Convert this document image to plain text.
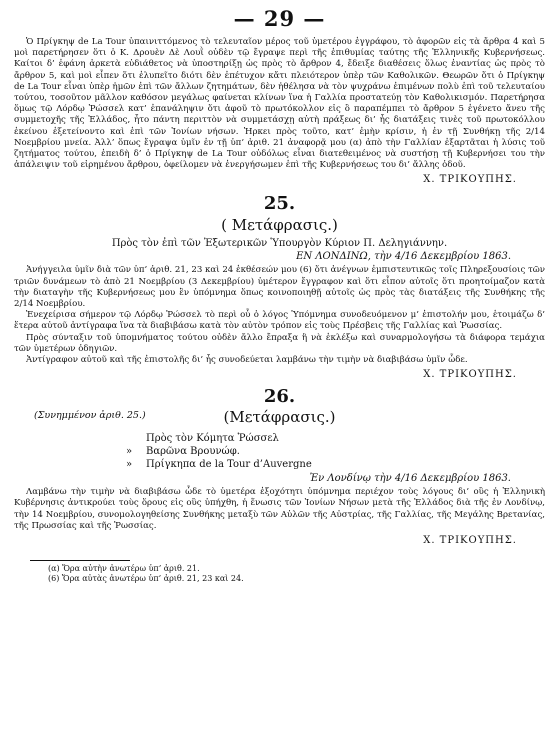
— 29 —

Ὁ Πρίγκηψ de La Tour ὑπαινιττόμενος τὸ τελευταῖον μέρος τοῦ ὑμετέρου ἐγγράφου, τὸ ἀφορῶν εἰς τὰ ἄρθρα 4 καὶ 5 μοὶ παρετήρησεν ὅτι ὁ Κ. Δρουὲν Δὲ Λουῒ οὐδὲν τῷ ἔγραψε περὶ τῆς ἐπιθυμίας ταύτης τῆς Ἑλληνικῆς Κυβερνήσεως. Καίτοι δ’ ἐφάνη ἀρκετὰ εὐδιάθετος νὰ ὑποστηρίξῃ ὡς πρὸς τὸ ἄρθρον 4, ἔδειξε διαθέσεις ὅλως ἐναντίας ὡς πρὸς τὸ ἄρθρον 5, καὶ μοὶ εἶπεν ὅτι ἐλυπεῖτο διότι δὲν ἐπέτυχον κἄτι πλειότερον ὑπὲρ τῶν Καθολικῶν. Θεωρῶν ὅτι ὁ Πρίγκηψ de La Tour εἶναι ὑπὲρ ἡμῶν ἐπὶ τῶν ἄλλων ζητημάτων, δὲν ἠθέλησα νὰ τὸν ψυχράνω ἐπιμένων πολὺ ἐπὶ τοῦ τελευταίου τούτου, τοσοῦτον μᾶλλον καθόσον μεγάλως φαίνεται κλίνων ἵνα ἡ Γαλλία προστατεύῃ τὸν Καθολικισμόν. Παρετήρησα ὅμως τῷ Λόρδῳ Ῥώσσελ κατ’ ἐπανάληψιν ὅτι ἀφοῦ τὸ πρωτόκολλον εἰς ὃ παραπέμπει τὸ ἄρθρον 5 ἐγένετο ἄνευ τῆς συμμετοχῆς τῆς Ἑλλάδος, ἦτο πάντη περιττὸν νὰ συμμετάσχῃ αὐτὴ πράξεως δι’ ἧς διατάξεις τινὲς τοῦ πρωτοκόλλου ἐκείνου ἐξετείνοντο καὶ ἐπὶ τῶν Ἰονίων νήσων. Ἠρκει πρὸς τοῦτο, κατ’ ἐμὴν κρίσιν, ἡ ἐν τῇ Συνθήκῃ τῆς 2/14 Νοεμβρίου μνεία. Ἀλλ’ ὅπως ἔγραψα ὑμῖν ἐν τῇ ὑπ’ ἀριθ. 21 ἀναφορᾷ μου (α) ἀπὸ τὴν Γαλλίαν ἐξαρτᾶται ἡ λύσις τοῦ ζητήματος τούτου, ἐπειδὴ δ’ ὁ Πρίγκηψ de La Tour οὐδόλως εἶναι διατεθειμένος νὰ συστήσῃ τῇ Κυβερνήσει του τὴν ἀπάλειψιν τοῦ εἰρημένου ἄρθρου, ὀφείλομεν νὰ ἐνεργήσωμεν ἐπὶ τῆς Κυβερνήσεως του δι’ ἄλλης ὁδοῦ.

Χ. ΤΡΙΚΟΥΠΗΣ.
25.
( Μετάφρασις.)
Πρὸς τὸν ἐπὶ τῶν Ἐξωτερικῶν Ὑπουργὸν Κύριον Π. Δεληγιάννην.
ΕΝ ΛΟΝΔΙΝΩ, τὴν 4/16 Δεκεμβρίου 1863.

Ἀνήγγειλα ὑμῖν διὰ τῶν ὑπ’ ἀριθ. 21, 23 καὶ 24 ἐκθέσεών μου (6) ὅτι ἀνέγνων ἐμπιστευτικῶς τοῖς Πληρεξουσίοις τῶν τριῶν δυνάμεων τὸ ἀπὸ 21 Νοεμβρίου (3 Δεκεμβρίου) ὑμέτερον ἔγγραφον καὶ ὅτι εἶπον αὐτοῖς ὅτι προητοίμαζον κατὰ τὴν διαταγὴν τῆς Κυβερνήσεως μου ἓν ὑπόμνημα ὅπως κοινοποιηθῇ αὐτοῖς ὡς πρὸς τὰς διατάξεις τῆς Συνθήκης τῆς 2/14 Νοεμβρίου.

Ἐνεχείρισα σήμερον τῷ Λόρδῳ Ῥώσσελ τὸ περὶ οὗ ὁ λόγος Ὑπόμνημα συνοδευόμενον μ’ ἐπιστολήν μου, ἑτοιμάζω δ’ ἕτερα αὐτοῦ ἀντίγραφα ἵνα τὰ διαβιβάσω κατὰ τὸν αὐτὸν τρόπον εἰς τοὺς Πρέσβεις τῆς Γαλλίας καὶ Ῥωσσίας.

Πρὸς σύνταξιν τοῦ ὑπομνήματος τούτου οὐδὲν ἄλλο ἔπραξα ἢ νὰ ἐκλέξω καὶ συναρμολογήσω τὰ διάφορα τεμάχια τῶν ὑμετέρων ὁδηγιῶν.

Ἀντίγραφον αὐτοῦ καὶ τῆς ἐπιστολῆς δι’ ἧς συνοδεύεται λαμβάνω τὴν τιμὴν νὰ διαβιβάσω ὑμῖν ὧδε.

Χ. ΤΡΙΚΟΥΠΗΣ.
26.
(Συνημμένον ἀριθ. 25.)	(Μετάφρασις.)
Πρὸς τὸν Κόμητα Ῥώσσελ
» Βαρῶνα Βρουνώφ.
» Πρίγκηπα de la Tour d’Auvergne
Ἐν Λονδίνῳ τὴν 4/16 Δεκεμβρίου 1863.

Λαμβάνω τὴν τιμὴν νὰ διαβιβάσω ὧδε τὸ ὑμετέρα ἐξοχότητι ὑπόμνημα περιέχον τοὺς λόγους δι’ οὓς ἡ Ἑλληνικὴ Κυβέρνησις ἀντικρούει τοὺς ὅρους εἰς οὓς ὑπήχθη, ἡ ἕνωσις τῶν Ἰονίων Νήσων μετὰ τῆς Ἑλλάδος διὰ τῆς ἐν Λονδίνῳ, τὴν 14 Νοεμβρίου, συνομολογηθείσης Συνθήκης μεταξὺ τῶν Αὐλῶν τῆς Αὐστρίας, τῆς Γαλλίας, τῆς Μεγάλης Βρετανίας, τῆς Πρωσσίας καὶ τῆς Ῥωσσίας.

Χ. ΤΡΙΚΟΥΠΗΣ.
(α) Ὅρα αὐτὴν ἀνωτέρω ὑπ’ ἀριθ. 21.
(6) Ὅρα αὐτὰς ἀνωτέρω ὑπ’ ἀριθ. 21, 23 καὶ 24.
